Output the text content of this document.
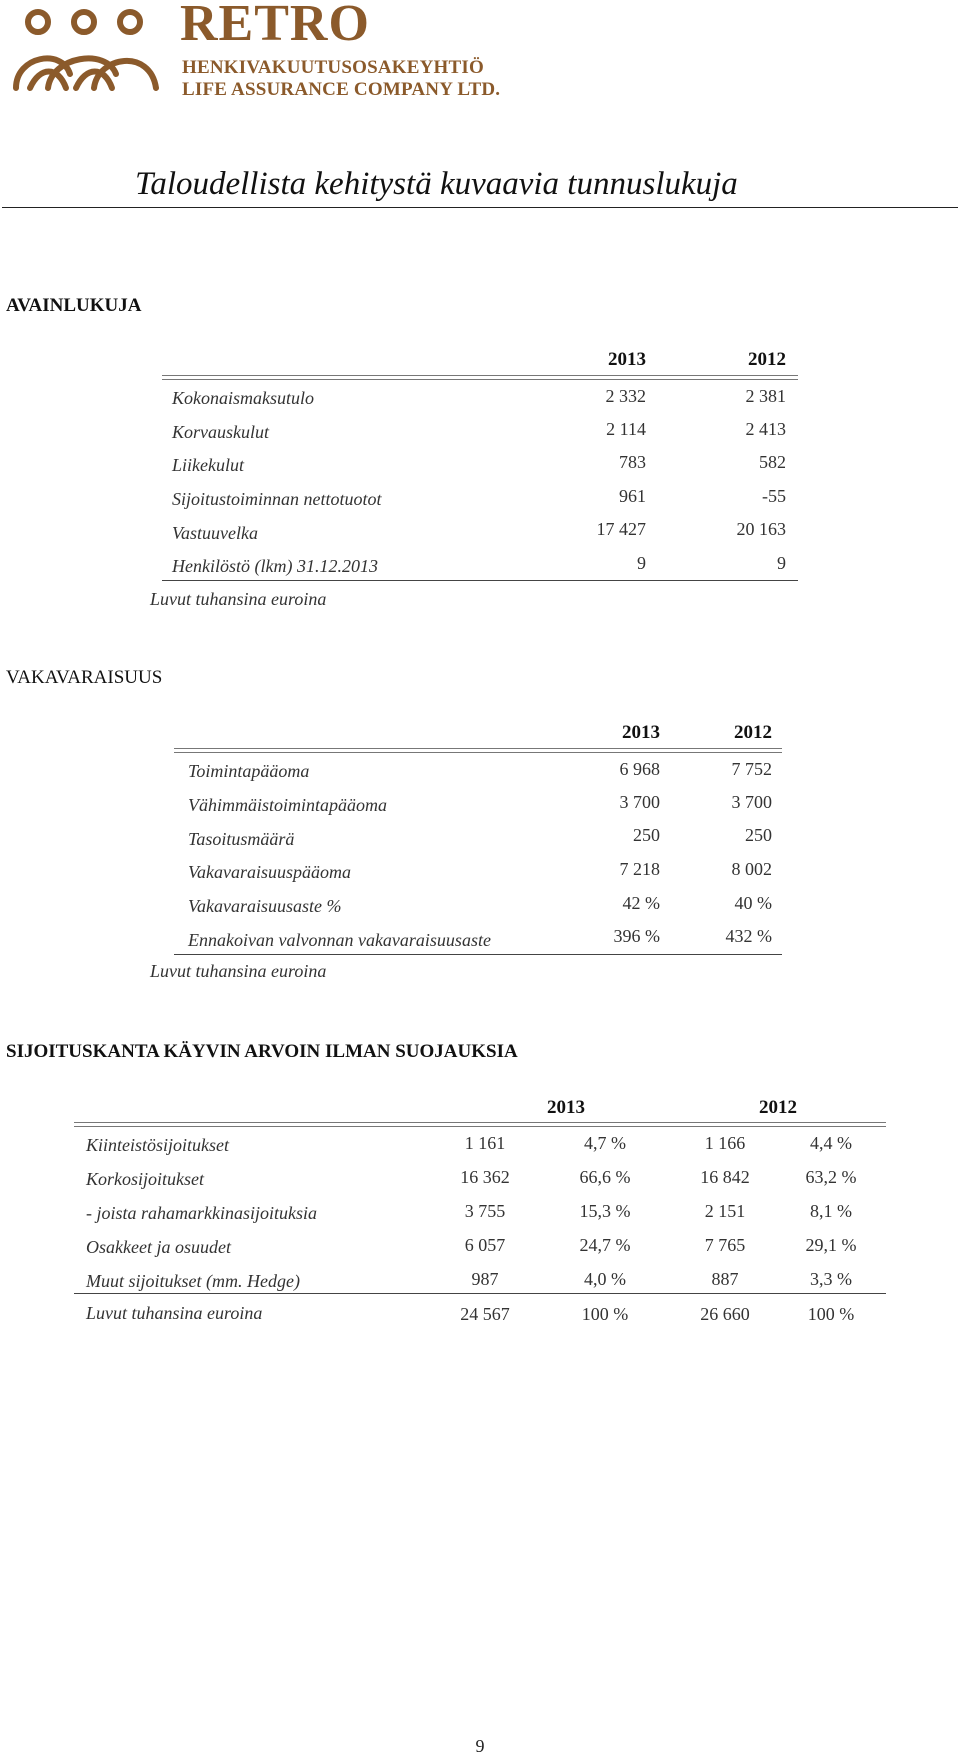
RETRO
HENKIVAKUUTUSOSAKEYHTIÖ
LIFE ASSURANCE COMPANY LTD.
Taloudellista kehitystä kuvaavia tunnuslukuja
AVAINLUKUJA
2013	2012
Kokonaismaksutulo	2 332	2 381
Korvauskulut	2 114	2 413
Liikekulut	783	582
Sijoitustoiminnan nettotuotot	961	-55
Vastuuvelka	17 427	20 163
Henkilöstö (lkm) 31.12.2013	9	9
Luvut tuhansina euroina
VAKAVARAISUUS
2013	2012
Toimintapääoma	6 968	7 752
Vähimmäistoimintapääoma	3 700	3 700
Tasoitusmäärä	250	250
Vakavaraisuuspääoma	7 218	8 002
Vakavaraisuusaste %	42 %	40 %
Ennakoivan valvonnan vakavaraisuusaste	396 %	432 %
Luvut tuhansina euroina
SIJOITUSKANTA KÄYVIN ARVOIN ILMAN SUOJAUKSIA
2013	2012
Kiinteistösijoitukset	1 161	4,7 %	1 166	4,4 %
Korkosijoitukset	16 362	66,6 %	16 842	63,2 %
- joista rahamarkkinasijoituksia	3 755	15,3 %	2 151	8,1 %
Osakkeet ja osuudet	6 057	24,7 %	7 765	29,1 %
Muut sijoitukset (mm. Hedge)	987	4,0 %	887	3,3 %
Luvut tuhansina euroina	24 567	100 %	26 660	100 %
9
